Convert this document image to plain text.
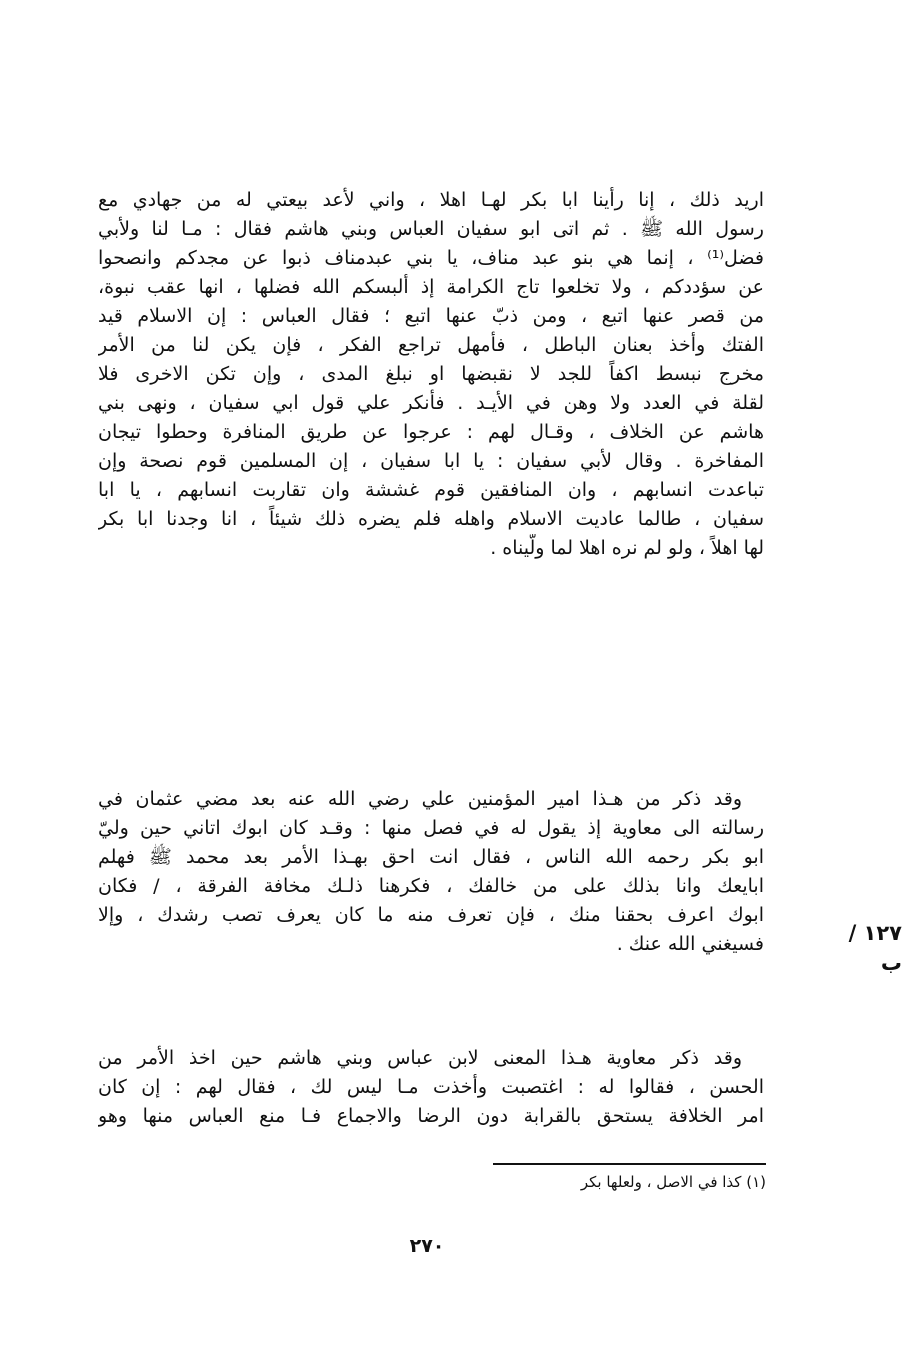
اريد ذلك ، إنا رأينا ابا بكر لهـا اهلا ، واني لأعد بيعتي له من جهادي مع
رسول الله ﷺ . ثم اتى ابو سفيان العباس وبني هاشم فقال : مـا لنا ولأبي
فضل⁽¹⁾ ، إنما هي بنو عبد مناف، يا بني عبدمناف ذبوا عن مجدكم وانصحوا
عن سؤددكم ، ولا تخلعوا تاج الكرامة إذ ألبسكم الله فضلها ، انها عقب نبوة،
من قصر عنها اتبع ، ومن ذبّ عنها اتبع ؛ فقال العباس : إن الاسلام قيد
الفتك وأخذ بعنان الباطل ، فأمهل تراجع الفكر ، فإن يكن لنا من الأمر
مخرج نبسط اكفاً للجد لا نقبضها او نبلغ المدى ، وإن تكن الاخرى فلا
لقلة في العدد ولا وهن في الأيـد . فأنكر علي قول ابي سفيان ، ونهى بني
هاشم عن الخلاف ، وقـال لهم : عرجوا عن طريق المنافرة وحطوا تيجان
المفاخرة . وقال لأبي سفيان : يا ابا سفيان ، إن المسلمين قوم نصحة وإن
تباعدت انسابهم ، وان المنافقين قوم غششة وان تقاربت انسابهم ، يا ابا
سفيان ، طالما عاديت الاسلام واهله فلم يضره ذلك شيئاً ، انا وجدنا ابا بكر
لها اهلاً ، ولو لم نره اهلا لما ولّيناه .
وقد ذكر من هـذا امير المؤمنين علي رضي الله عنه بعد مضي عثمان في
رسالته الى معاوية إذ يقول له في فصل منها : وقـد كان ابوك اتاني حين وليّ
ابو بكر رحمه الله الناس ، فقال انت احق بهـذا الأمر بعد محمد ﷺ فهلم
ابايعك وانا بذلك على من خالفك ، فكرهنا ذلـك مخافة الفرقة ، / فكان
ابوك اعرف بحقنا منك ، فإن تعرف منه ما كان يعرف تصب رشدك ، وإلا
فسيغني الله عنك .
وقد ذكر معاوية هـذا المعنى لابن عباس وبني هاشم حين اخذ الأمر من
الحسن ، فقالوا له : اغتصبت وأخذت مـا ليس لك ، فقال لهم : إن كان
امر الخلافة يستحق بالقرابة دون الرضا والاجماع فـا منع العباس منها وهو
١٢٧ / ب
(١) كذا في الاصل ، ولعلها بكر
٢٧٠
